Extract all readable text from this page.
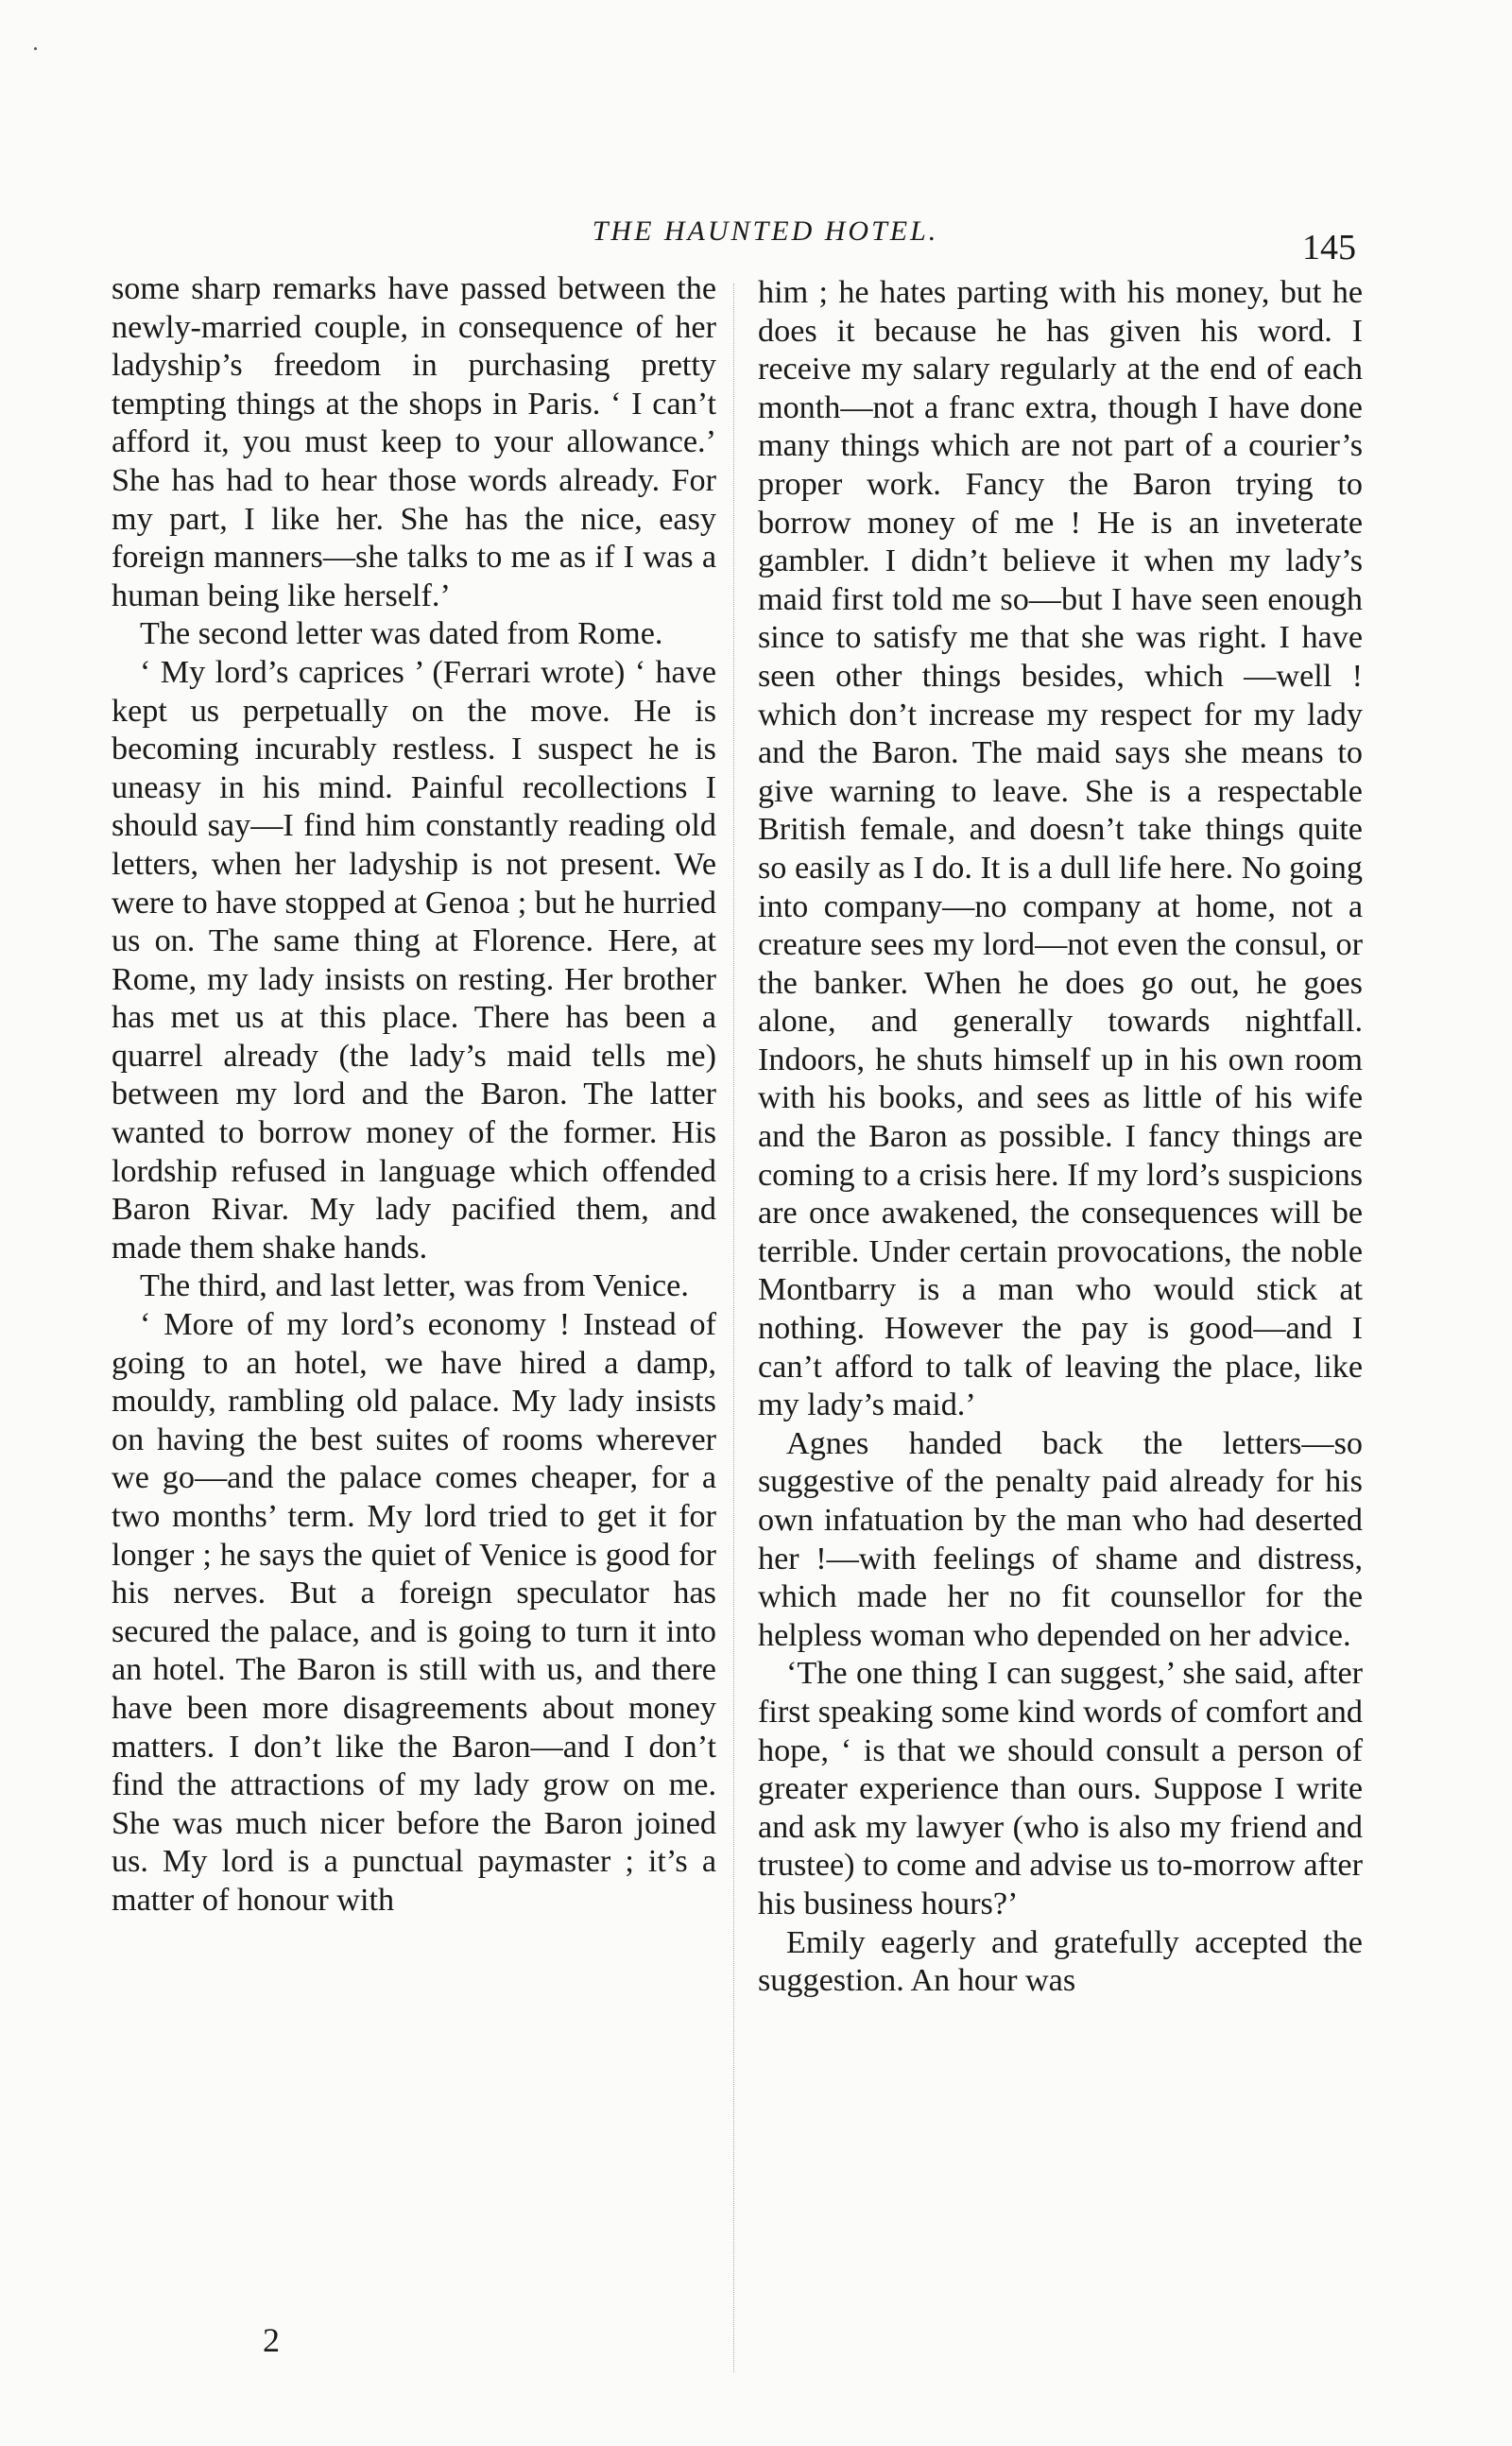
THE HAUNTED HOTEL.	145

some sharp remarks have passed between the newly-married couple, in consequence of her ladyship’s freedom in purchasing pretty tempting things at the shops in Paris. ‘ I can’t afford it, you must keep to your allowance.’ She has had to hear those words already. For my part, I like her. She has the nice, easy foreign manners—she talks to me as if I was a human being like herself.’

The second letter was dated from Rome.

‘ My lord’s caprices ’ (Ferrari wrote) ‘ have kept us perpetually on the move. He is becoming incurably restless. I suspect he is uneasy in his mind. Painful recollections I should say—I find him constantly reading old letters, when her ladyship is not present. We were to have stopped at Genoa ; but he hurried us on. The same thing at Florence. Here, at Rome, my lady insists on resting. Her brother has met us at this place. There has been a quarrel already (the lady’s maid tells me) between my lord and the Baron. The latter wanted to borrow money of the former. His lordship refused in language which offended Baron Rivar. My lady pacified them, and made them shake hands.

The third, and last letter, was from Venice.

‘ More of my lord’s economy ! Instead of going to an hotel, we have hired a damp, mouldy, rambling old palace. My lady insists on having the best suites of rooms wherever we go—and the palace comes cheaper, for a two months’ term. My lord tried to get it for longer ; he says the quiet of Venice is good for his nerves. But a foreign speculator has secured the palace, and is going to turn it into an hotel. The Baron is still with us, and there have been more disagreements about money matters. I don’t like the Baron—and I don’t find the attractions of my lady grow on me. She was much nicer before the Baron joined us. My lord is a punctual paymaster ; it’s a matter of honour with

him ; he hates parting with his money, but he does it because he has given his word. I receive my salary regularly at the end of each month—not a franc extra, though I have done many things which are not part of a courier’s proper work. Fancy the Baron trying to borrow money of me ! He is an inveterate gambler. I didn’t believe it when my lady’s maid first told me so—but I have seen enough since to satisfy me that she was right. I have seen other things besides, which —well ! which don’t increase my respect for my lady and the Baron. The maid says she means to give warning to leave. She is a respectable British female, and doesn’t take things quite so easily as I do. It is a dull life here. No going into company—no company at home, not a creature sees my lord—not even the consul, or the banker. When he does go out, he goes alone, and generally towards nightfall. Indoors, he shuts himself up in his own room with his books, and sees as little of his wife and the Baron as possible. I fancy things are coming to a crisis here. If my lord’s suspicions are once awakened, the consequences will be terrible. Under certain provocations, the noble Montbarry is a man who would stick at nothing. However the pay is good—and I can’t afford to talk of leaving the place, like my lady’s maid.’

Agnes handed back the letters—so suggestive of the penalty paid already for his own infatuation by the man who had deserted her !—with feelings of shame and distress, which made her no fit counsellor for the helpless woman who depended on her advice.

‘The one thing I can suggest,’ she said, after first speaking some kind words of comfort and hope, ‘ is that we should consult a person of greater experience than ours. Suppose I write and ask my lawyer (who is also my friend and trustee) to come and advise us to-morrow after his business hours?’

Emily eagerly and gratefully accepted the suggestion. An hour was

2
